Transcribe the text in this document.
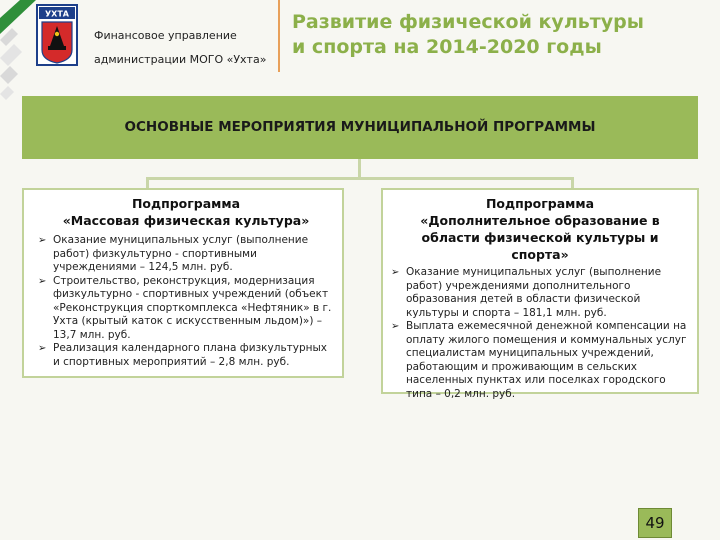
УХТА
Финансовое управление
администрации МОГО «Ухта»
Развитие физической культуры
и спорта на 2014-2020 годы
ОСНОВНЫЕ МЕРОПРИЯТИЯ МУНИЦИПАЛЬНОЙ ПРОГРАММЫ
Подпрограмма
«Массовая физическая культура»
➢ Оказание муниципальных услуг (выполнение работ) физкультурно - спортивными учреждениями – 124,5 млн. руб.
➢ Строительство, реконструкция, модернизация физкультурно - спортивных учреждений (объект «Реконструкция спорткомплекса «Нефтяник» в г. Ухта (крытый каток с искусственным льдом)») – 13,7 млн. руб.
➢ Реализация календарного плана физкультурных и спортивных мероприятий – 2,8 млн. руб.
Подпрограмма
«Дополнительное образование в
области физической культуры и спорта»
➢ Оказание муниципальных услуг (выполнение работ) учреждениями дополнительного образования детей в области физической культуры и спорта – 181,1 млн. руб.
➢ Выплата ежемесячной денежной компенсации на оплату жилого помещения и коммунальных услуг специалистам муниципальных учреждений, работающим и проживающим в сельских населенных пунктах или поселках городского типа – 0,2 млн. руб.
49
